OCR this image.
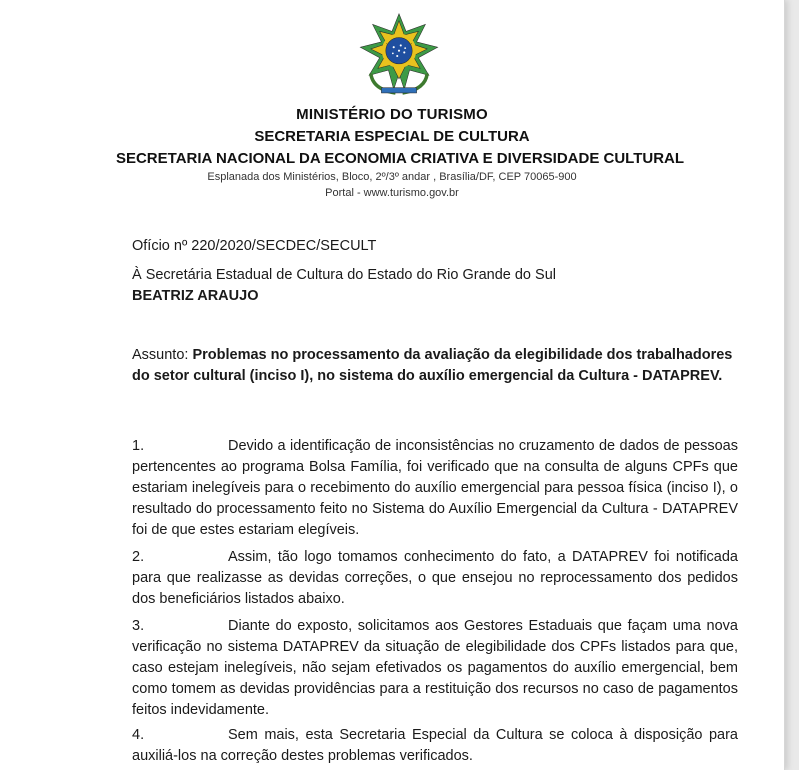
MINISTÉRIO DO TURISMO
SECRETARIA ESPECIAL DE CULTURA
SECRETARIA NACIONAL DA ECONOMIA CRIATIVA E DIVERSIDADE CULTURAL
Esplanada dos Ministérios, Bloco, 2º/3º andar , Brasília/DF, CEP 70065-900
Portal - www.turismo.gov.br
Ofício nº 220/2020/SECDEC/SECULT
À Secretária Estadual de Cultura do Estado do Rio Grande do Sul
BEATRIZ ARAUJO
Assunto: Problemas no processamento da avaliação da elegibilidade dos trabalhadores do setor cultural (inciso I), no sistema do auxílio emergencial da Cultura - DATAPREV.
1.	Devido a identificação de inconsistências no cruzamento de dados de pessoas pertencentes ao programa Bolsa Família, foi verificado que na consulta de alguns CPFs que estariam inelegíveis para o recebimento do auxílio emergencial para pessoa física (inciso I), o resultado do processamento feito no Sistema do Auxílio Emergencial da Cultura - DATAPREV foi de que estes estariam elegíveis.
2.	Assim, tão logo tomamos conhecimento do fato, a DATAPREV foi notificada para que realizasse as devidas correções, o que ensejou no reprocessamento dos pedidos dos beneficiários listados abaixo.
3.	Diante do exposto, solicitamos aos Gestores Estaduais que façam uma nova verificação no sistema DATAPREV da situação de elegibilidade dos CPFs listados para que, caso estejam inelegíveis, não sejam efetivados os pagamentos do auxílio emergencial, bem como tomem as devidas providências para a restituição dos recursos no caso de pagamentos feitos indevidamente.
4.	Sem mais, esta Secretaria Especial da Cultura se coloca à disposição para auxiliá-los na correção destes problemas verificados.
